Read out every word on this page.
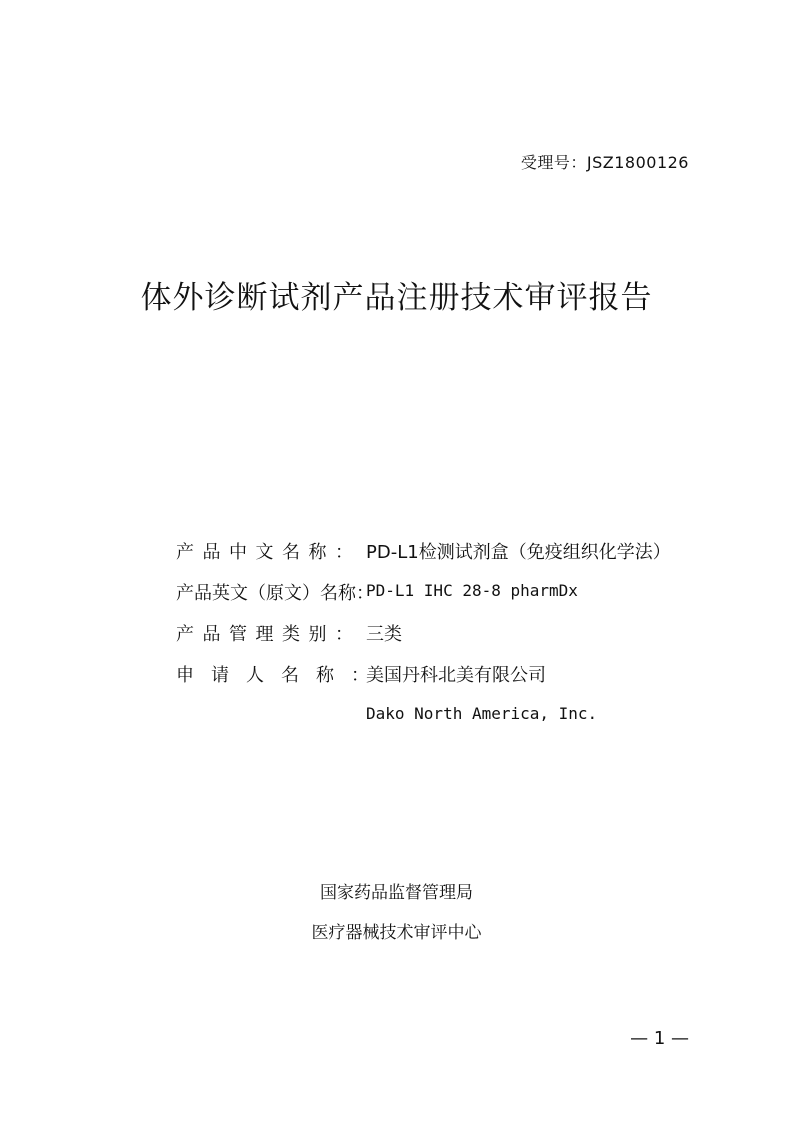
受理号：JSZ1800126
体外诊断试剂产品注册技术审评报告
产品中文名称： PD-L1检测试剂盒（免疫组织化学法）
产品英文（原文）名称：
PD-L1 IHC 28-8 pharmDx
产品管理类别： 三类
申请人名称：
美国丹科北美有限公司
Dako North America, Inc.
国家药品监督管理局
医疗器械技术审评中心
— 1 —
